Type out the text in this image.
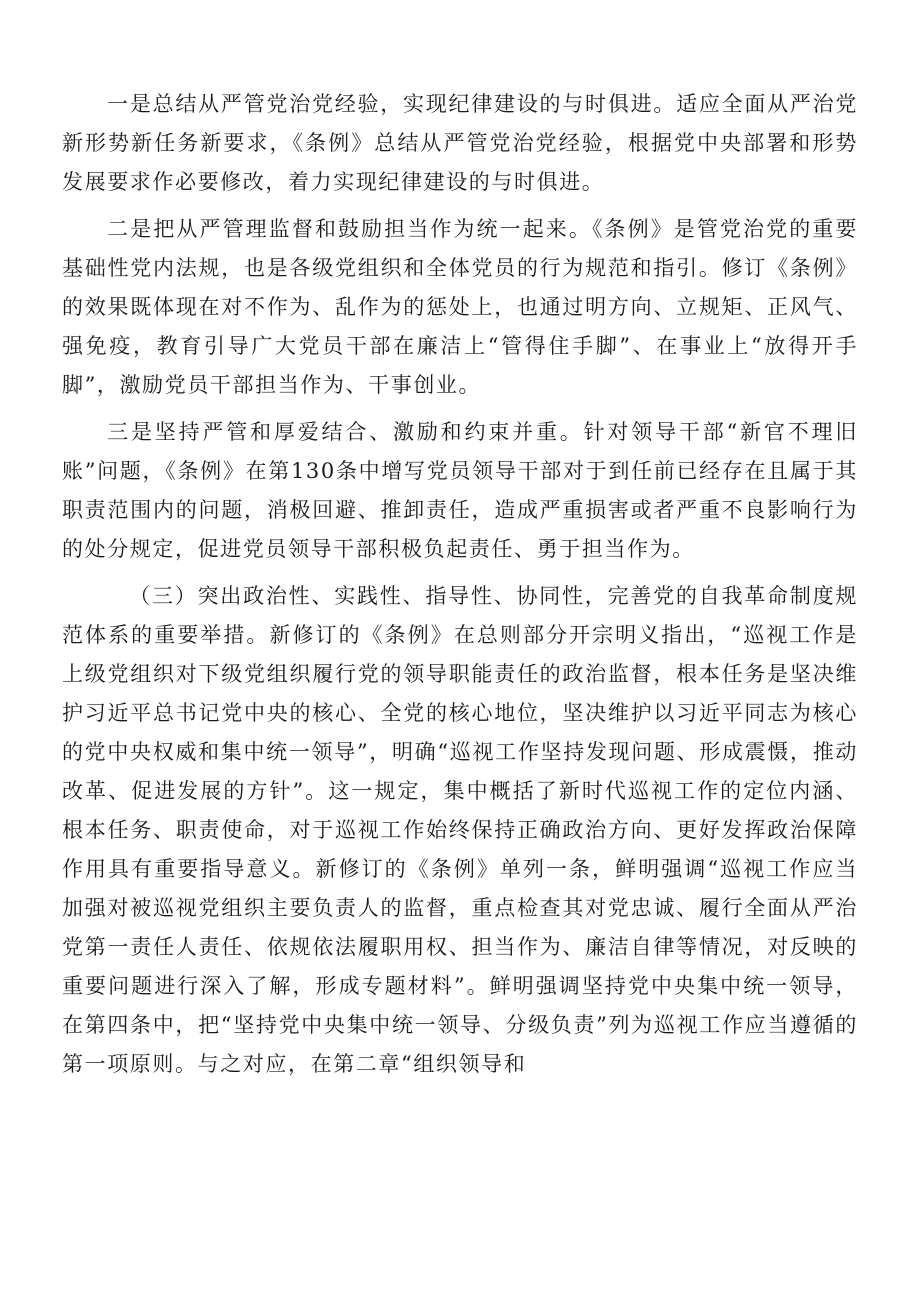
一是总结从严管党治党经验，实现纪律建设的与时俱进。适应全面从严治党新形势新任务新要求，《条例》总结从严管党治党经验，根据党中央部署和形势发展要求作必要修改，着力实现纪律建设的与时俱进。

二是把从严管理监督和鼓励担当作为统一起来。《条例》是管党治党的重要基础性党内法规，也是各级党组织和全体党员的行为规范和指引。修订《条例》的效果既体现在对不作为、乱作为的惩处上，也通过明方向、立规矩、正风气、强免疫，教育引导广大党员干部在廉洁上“管得住手脚”、在事业上“放得开手脚”，激励党员干部担当作为、干事创业。

三是坚持严管和厚爱结合、激励和约束并重。针对领导干部“新官不理旧账”问题，《条例》在第130条中增写党员领导干部对于到任前已经存在且属于其职责范围内的问题，消极回避、推卸责任，造成严重损害或者严重不良影响行为的处分规定，促进党员领导干部积极负起责任、勇于担当作为。

（三）突出政治性、实践性、指导性、协同性，完善党的自我革命制度规范体系的重要举措。新修订的《条例》在总则部分开宗明义指出，“巡视工作是上级党组织对下级党组织履行党的领导职能责任的政治监督，根本任务是坚决维护习近平总书记党中央的核心、全党的核心地位，坚决维护以习近平同志为核心的党中央权威和集中统一领导”，明确“巡视工作坚持发现问题、形成震慑，推动改革、促进发展的方针”。这一规定，集中概括了新时代巡视工作的定位内涵、根本任务、职责使命，对于巡视工作始终保持正确政治方向、更好发挥政治保障作用具有重要指导意义。新修订的《条例》单列一条，鲜明强调“巡视工作应当加强对被巡视党组织主要负责人的监督，重点检查其对党忠诚、履行全面从严治党第一责任人责任、依规依法履职用权、担当作为、廉洁自律等情况，对反映的重要问题进行深入了解，形成专题材料”。鲜明强调坚持党中央集中统一领导，在第四条中，把“坚持党中央集中统一领导、分级负责”列为巡视工作应当遵循的第一项原则。与之对应，在第二章“组织领导和
